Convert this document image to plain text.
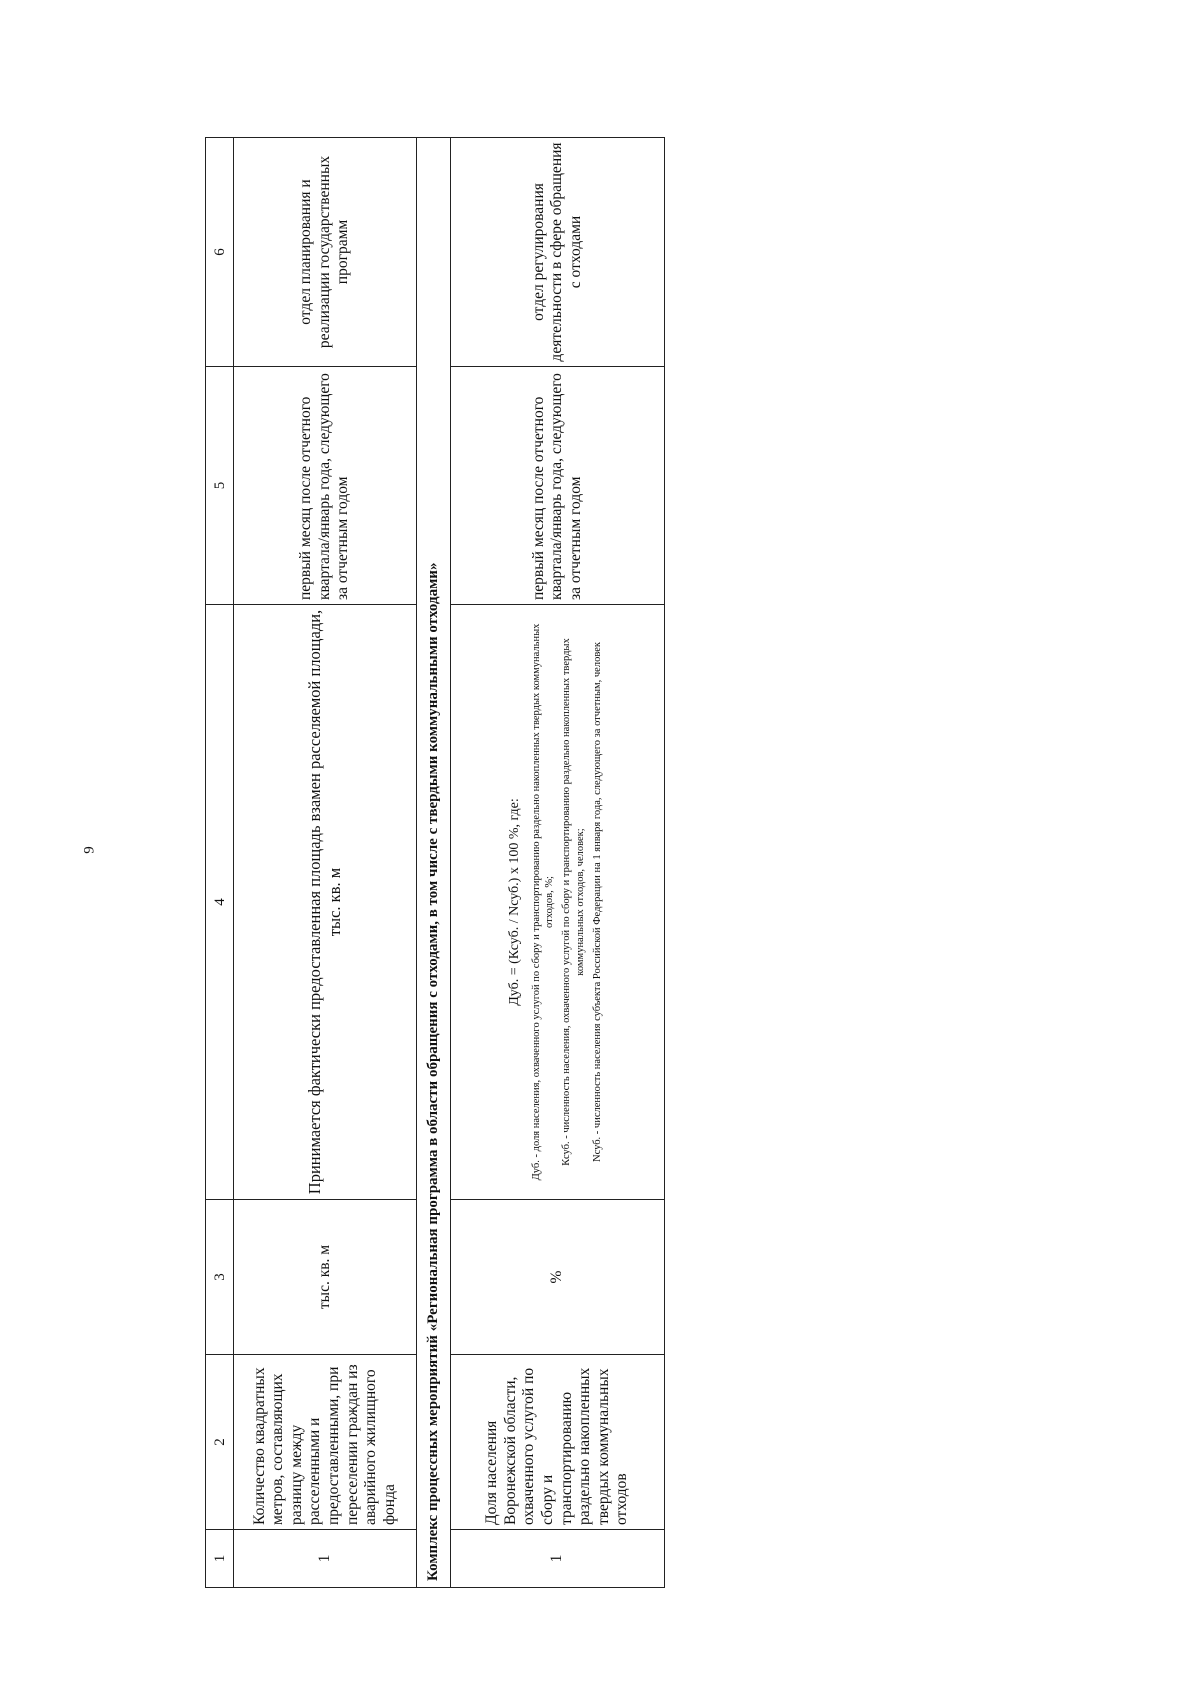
9
1	2	3	4	5	6
1	Количество квадратных метров, составляющих разницу между расселенными и предоставленными, при переселении граждан из аварийного жилищного фонда	тыс. кв. м	Принимается фактически предоставленная площадь взамен расселяемой площади, тыс. кв. м	первый месяц после отчетного квартала/январь года, следующего за отчетным годом	отдел планирования и реализации государственных программ
Комплекс процессных мероприятий «Региональная программа в области обращения с отходами, в том числе с твердыми коммунальными отходами»					
1	Доля населения Воронежской области, охваченного услугой по сбору и транспортированию раздельно накопленных твердых коммунальных отходов	%	Дуб. = (Ксуб. / Nсуб.) х 100 %, где: Дуб. - доля населения, охваченного услугой по сбору и транспортированию раздельно накопленных твердых коммунальных отходов, %; Ксуб. - численность населения, охваченного услугой по сбору и транспортированию раздельно накопленных твердых коммунальных отходов, человек; Nсуб. - численность населения субъекта Российской Федерации на 1 января года, следующего за отчетным, человек	первый месяц после отчетного квартала/январь года, следующего за отчетным годом	отдел регулирования деятельности в сфере обращения с отходами
